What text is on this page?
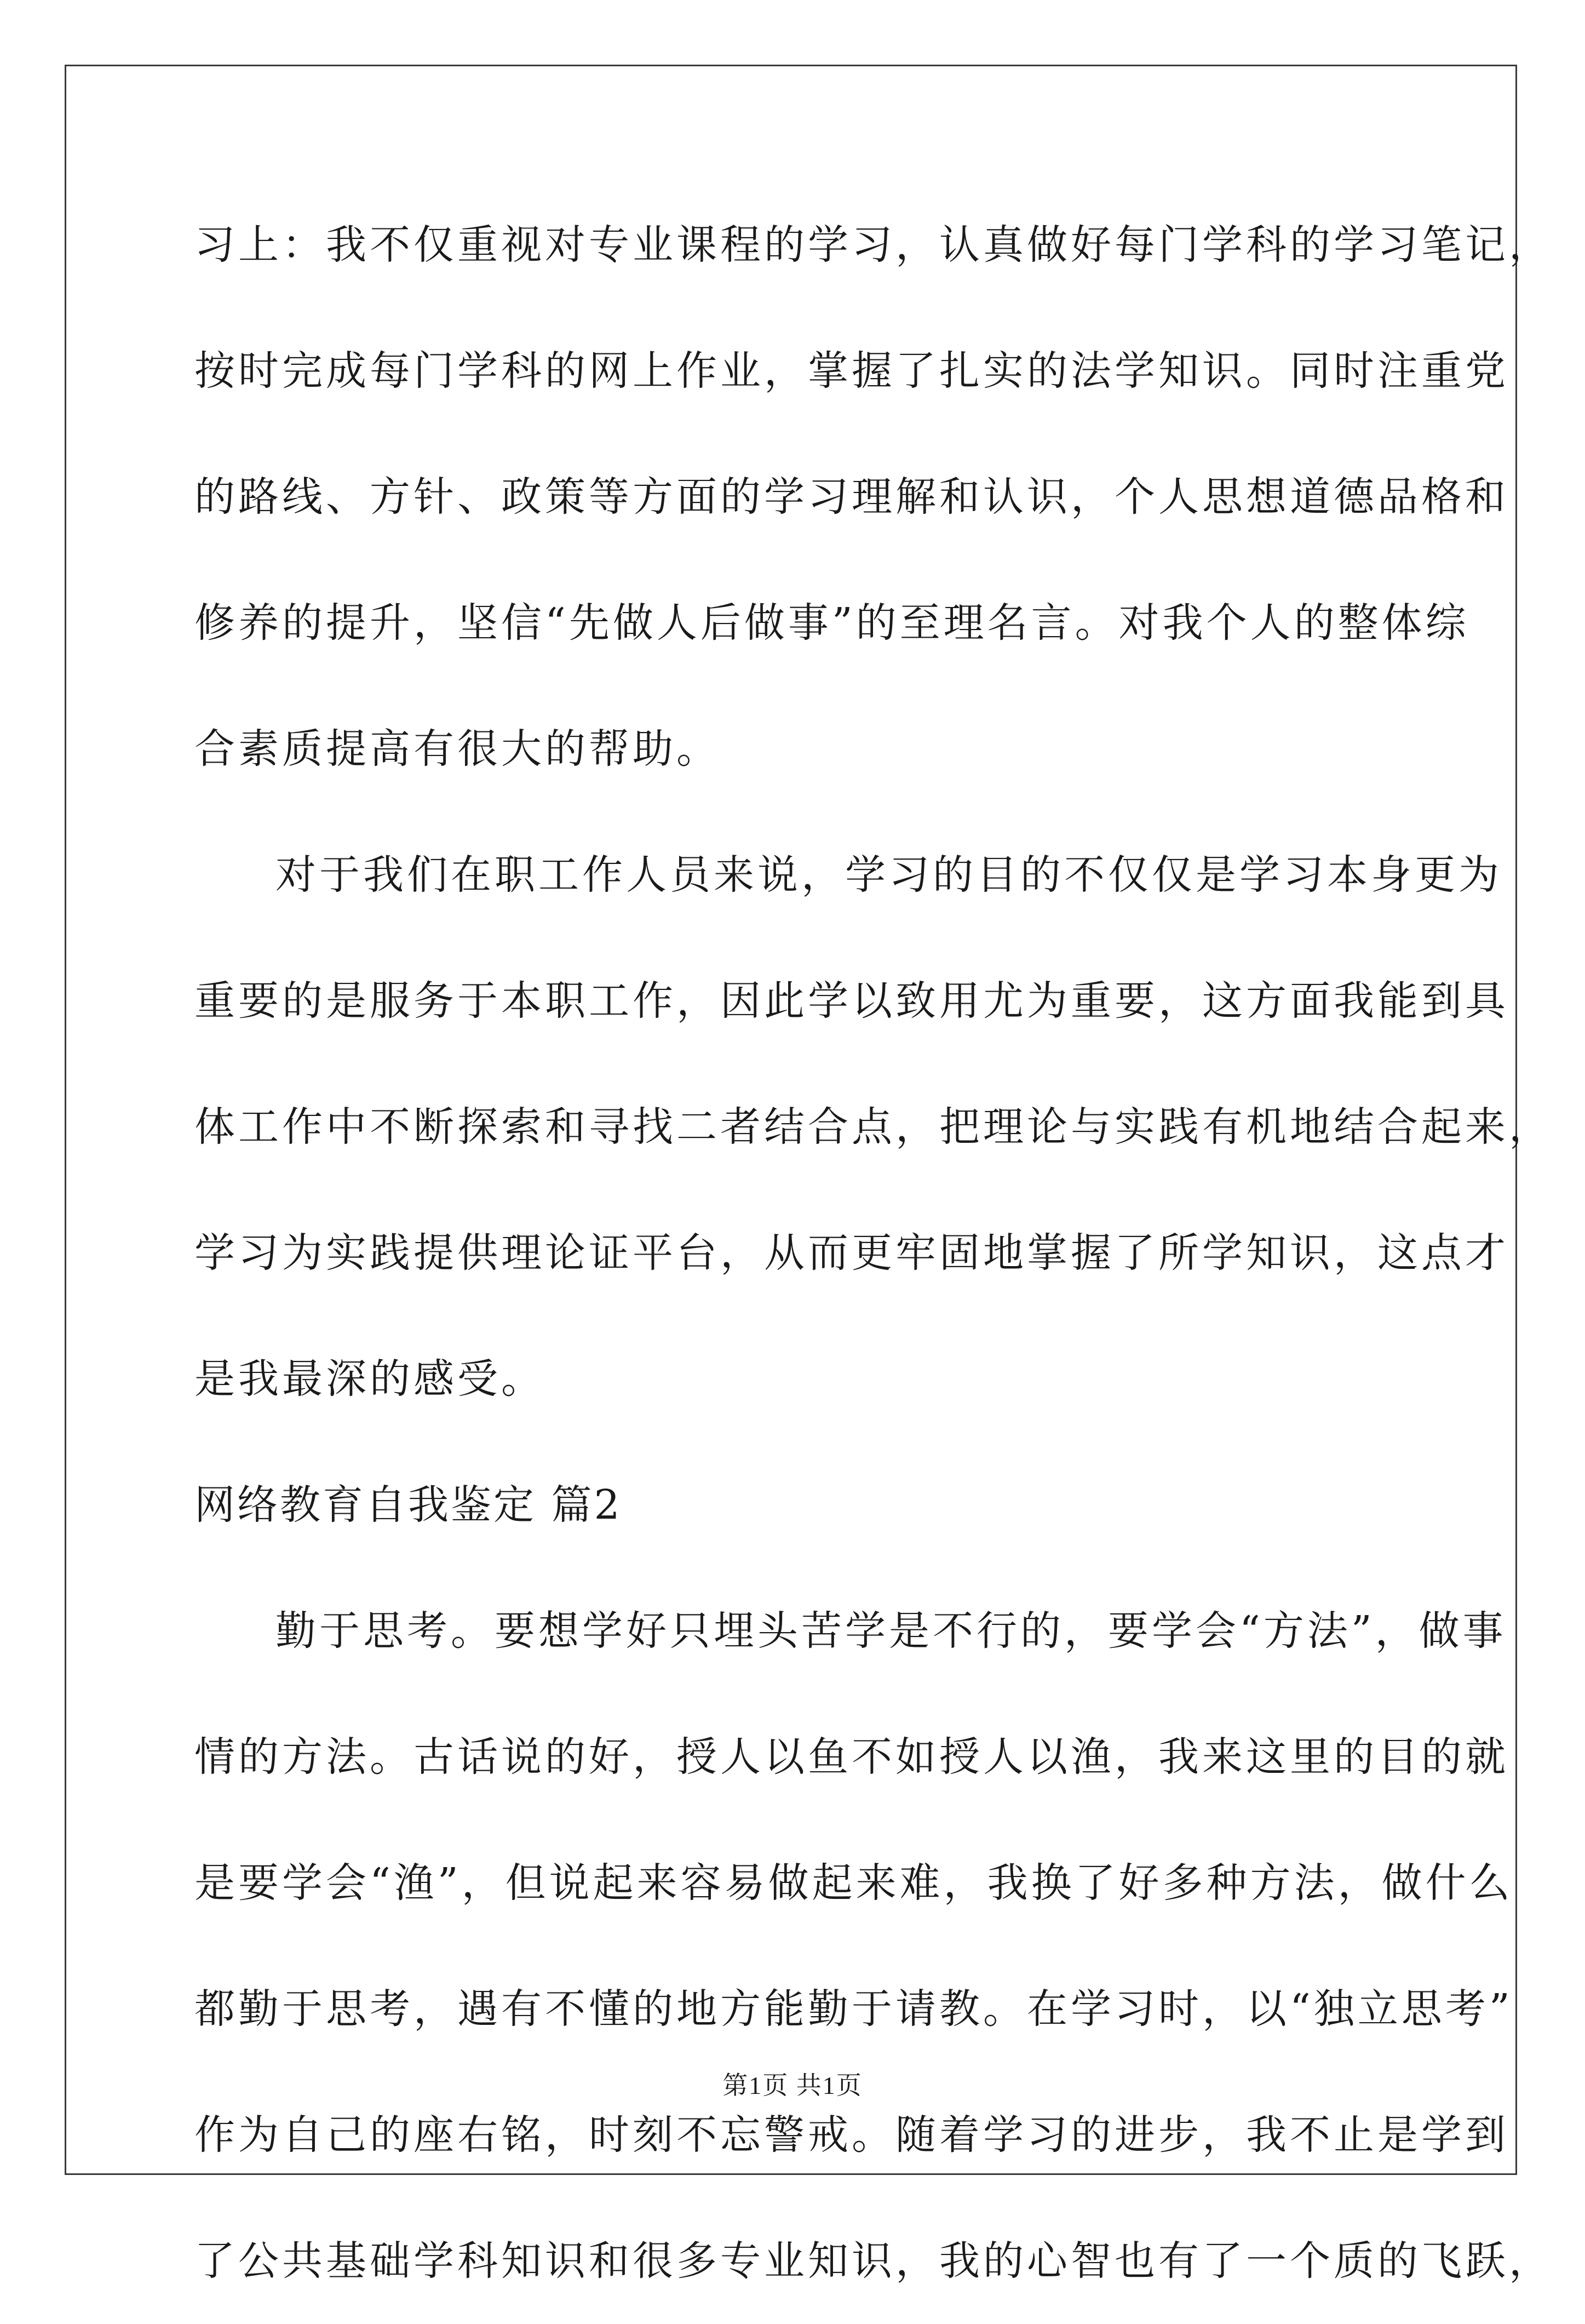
习上：我不仅重视对专业课程的学习，认真做好每门学科的学习笔记，
按时完成每门学科的网上作业，掌握了扎实的法学知识。同时注重党
的路线、方针、政策等方面的学习理解和认识，个人思想道德品格和
修养的提升，坚信“先做人后做事”的至理名言。对我个人的整体综
合素质提高有很大的帮助。
对于我们在职工作人员来说，学习的目的不仅仅是学习本身更为
重要的是服务于本职工作，因此学以致用尤为重要，这方面我能到具
体工作中不断探索和寻找二者结合点，把理论与实践有机地结合起来，
学习为实践提供理论证平台，从而更牢固地掌握了所学知识，这点才
是我最深的感受。
网络教育自我鉴定 篇2
勤于思考。要想学好只埋头苦学是不行的，要学会“方法”，做事
情的方法。古话说的好，授人以鱼不如授人以渔，我来这里的目的就
是要学会“渔”，但说起来容易做起来难，我换了好多种方法，做什么
都勤于思考，遇有不懂的地方能勤于请教。在学习时，以“独立思考”
作为自己的座右铭，时刻不忘警戒。随着学习的进步，我不止是学到
了公共基础学科知识和很多专业知识，我的心智也有了一个质的飞跃，
第1页 共1页
